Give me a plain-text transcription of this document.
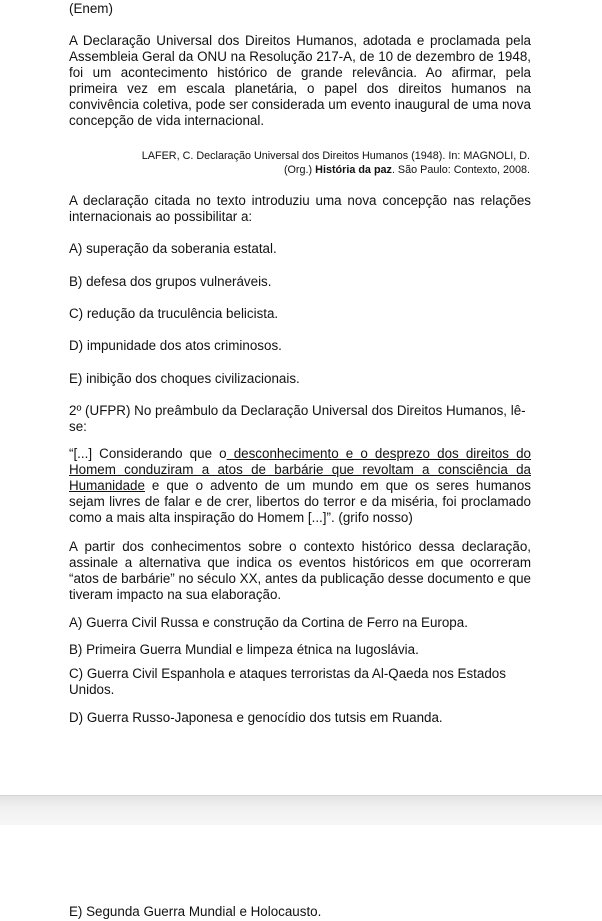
(Enem)

A Declaração Universal dos Direitos Humanos, adotada e proclamada pela Assembleia Geral da ONU na Resolução 217-A, de 10 de dezembro de 1948, foi um acontecimento histórico de grande relevância. Ao afirmar, pela primeira vez em escala planetária, o papel dos direitos humanos na convivência coletiva, pode ser considerada um evento inaugural de uma nova concepção de vida internacional.

LAFER, C. Declaração Universal dos Direitos Humanos (1948). In: MAGNOLI, D.

(Org.) História da paz. São Paulo: Contexto, 2008.

A declaração citada no texto introduziu uma nova concepção nas relações internacionais ao possibilitar a:

A) superação da soberania estatal.

B) defesa dos grupos vulneráveis.

C) redução da truculência belicista.

D) impunidade dos atos criminosos.

E) inibição dos choques civilizacionais.

2º (UFPR) No preâmbulo da Declaração Universal dos Direitos Humanos, lê-se:

“[...] Considerando que o desconhecimento e o desprezo dos direitos do Homem conduziram a atos de barbárie que revoltam a consciência da Humanidade e que o advento de um mundo em que os seres humanos sejam livres de falar e de crer, libertos do terror e da miséria, foi proclamado como a mais alta inspiração do Homem [...]”. (grifo nosso)

A partir dos conhecimentos sobre o contexto histórico dessa declaração, assinale a alternativa que indica os eventos históricos em que ocorreram “atos de barbárie” no século XX, antes da publicação desse documento e que tiveram impacto na sua elaboração.

A) Guerra Civil Russa e construção da Cortina de Ferro na Europa.

B) Primeira Guerra Mundial e limpeza étnica na Iugoslávia.

C) Guerra Civil Espanhola e ataques terroristas da Al-Qaeda nos Estados Unidos.

D) Guerra Russo-Japonesa e genocídio dos tutsis em Ruanda.

E) Segunda Guerra Mundial e Holocausto.
